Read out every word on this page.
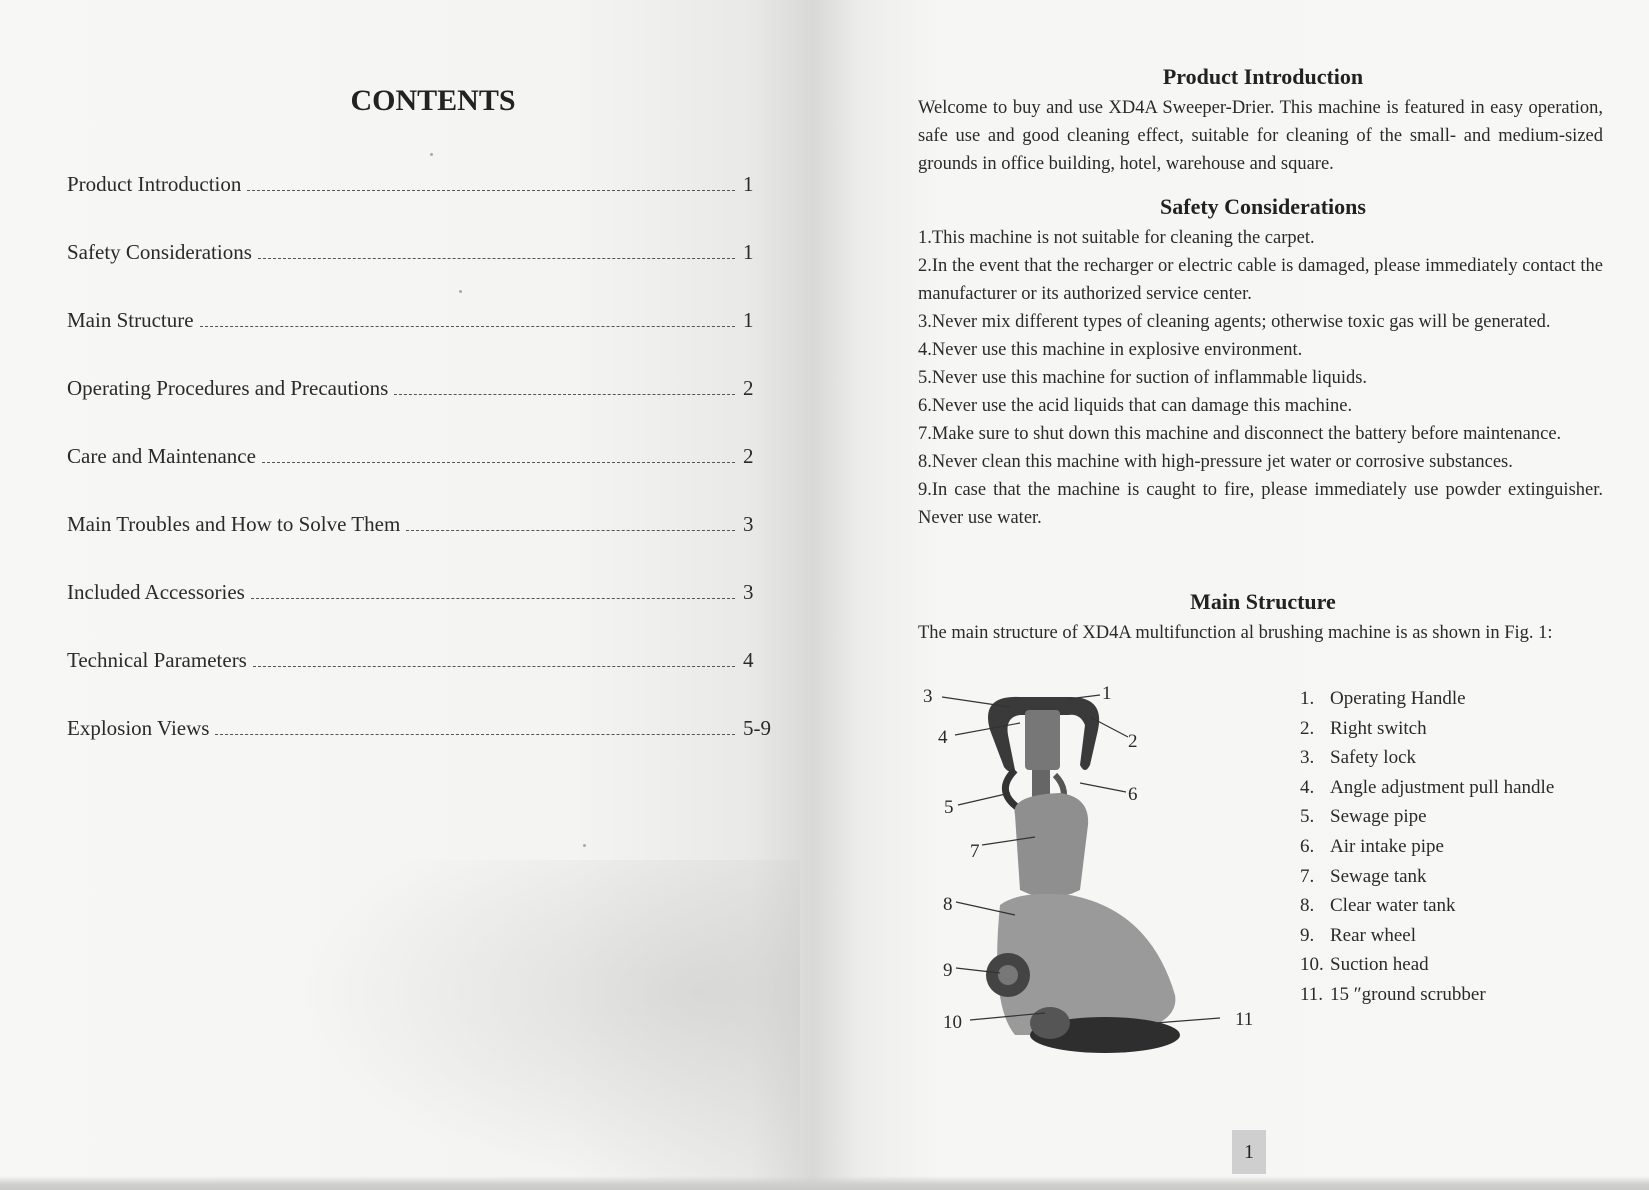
CONTENTS
Product Introduction	1
Safety Considerations	1
Main Structure	1
Operating Procedures and Precautions	2
Care and Maintenance	2
Main Troubles and How to Solve Them	3
Included Accessories	3
Technical Parameters	4
Explosion Views	5-9
Product Introduction

Welcome to buy and use XD4A Sweeper-Drier. This machine is featured in easy operation, safe use and good cleaning effect, suitable for cleaning of the small- and medium-sized grounds in office building, hotel, warehouse and square.

Safety Considerations
1.This machine is not suitable for cleaning the carpet.
2.In the event that the recharger or electric cable is damaged, please immediately contact the manufacturer or its authorized service center.
3.Never mix different types of cleaning agents; otherwise toxic gas will be generated.
4.Never use this machine in explosive environment.
5.Never use this machine for suction of inflammable liquids.
6.Never use the acid liquids that can damage this machine.
7.Make sure to shut down this machine and disconnect the battery before maintenance.
8.Never clean this machine with high-pressure jet water or corrosive substances.
9.In case that the machine is caught to fire, please immediately use powder extinguisher. Never use water.
Main Structure

The main structure of XD4A multifunction al brushing machine is as shown in Fig. 1:

3	1
2
4
6
5
7
8
9
10	11
1. Operating Handle
2. Right switch
3. Safety lock
4. Angle adjustment pull handle
5. Sewage pipe
6. Air intake pipe
7. Sewage tank
8. Clear water tank
9. Rear wheel
10. Suction head
11. 15 ″ground scrubber
1
